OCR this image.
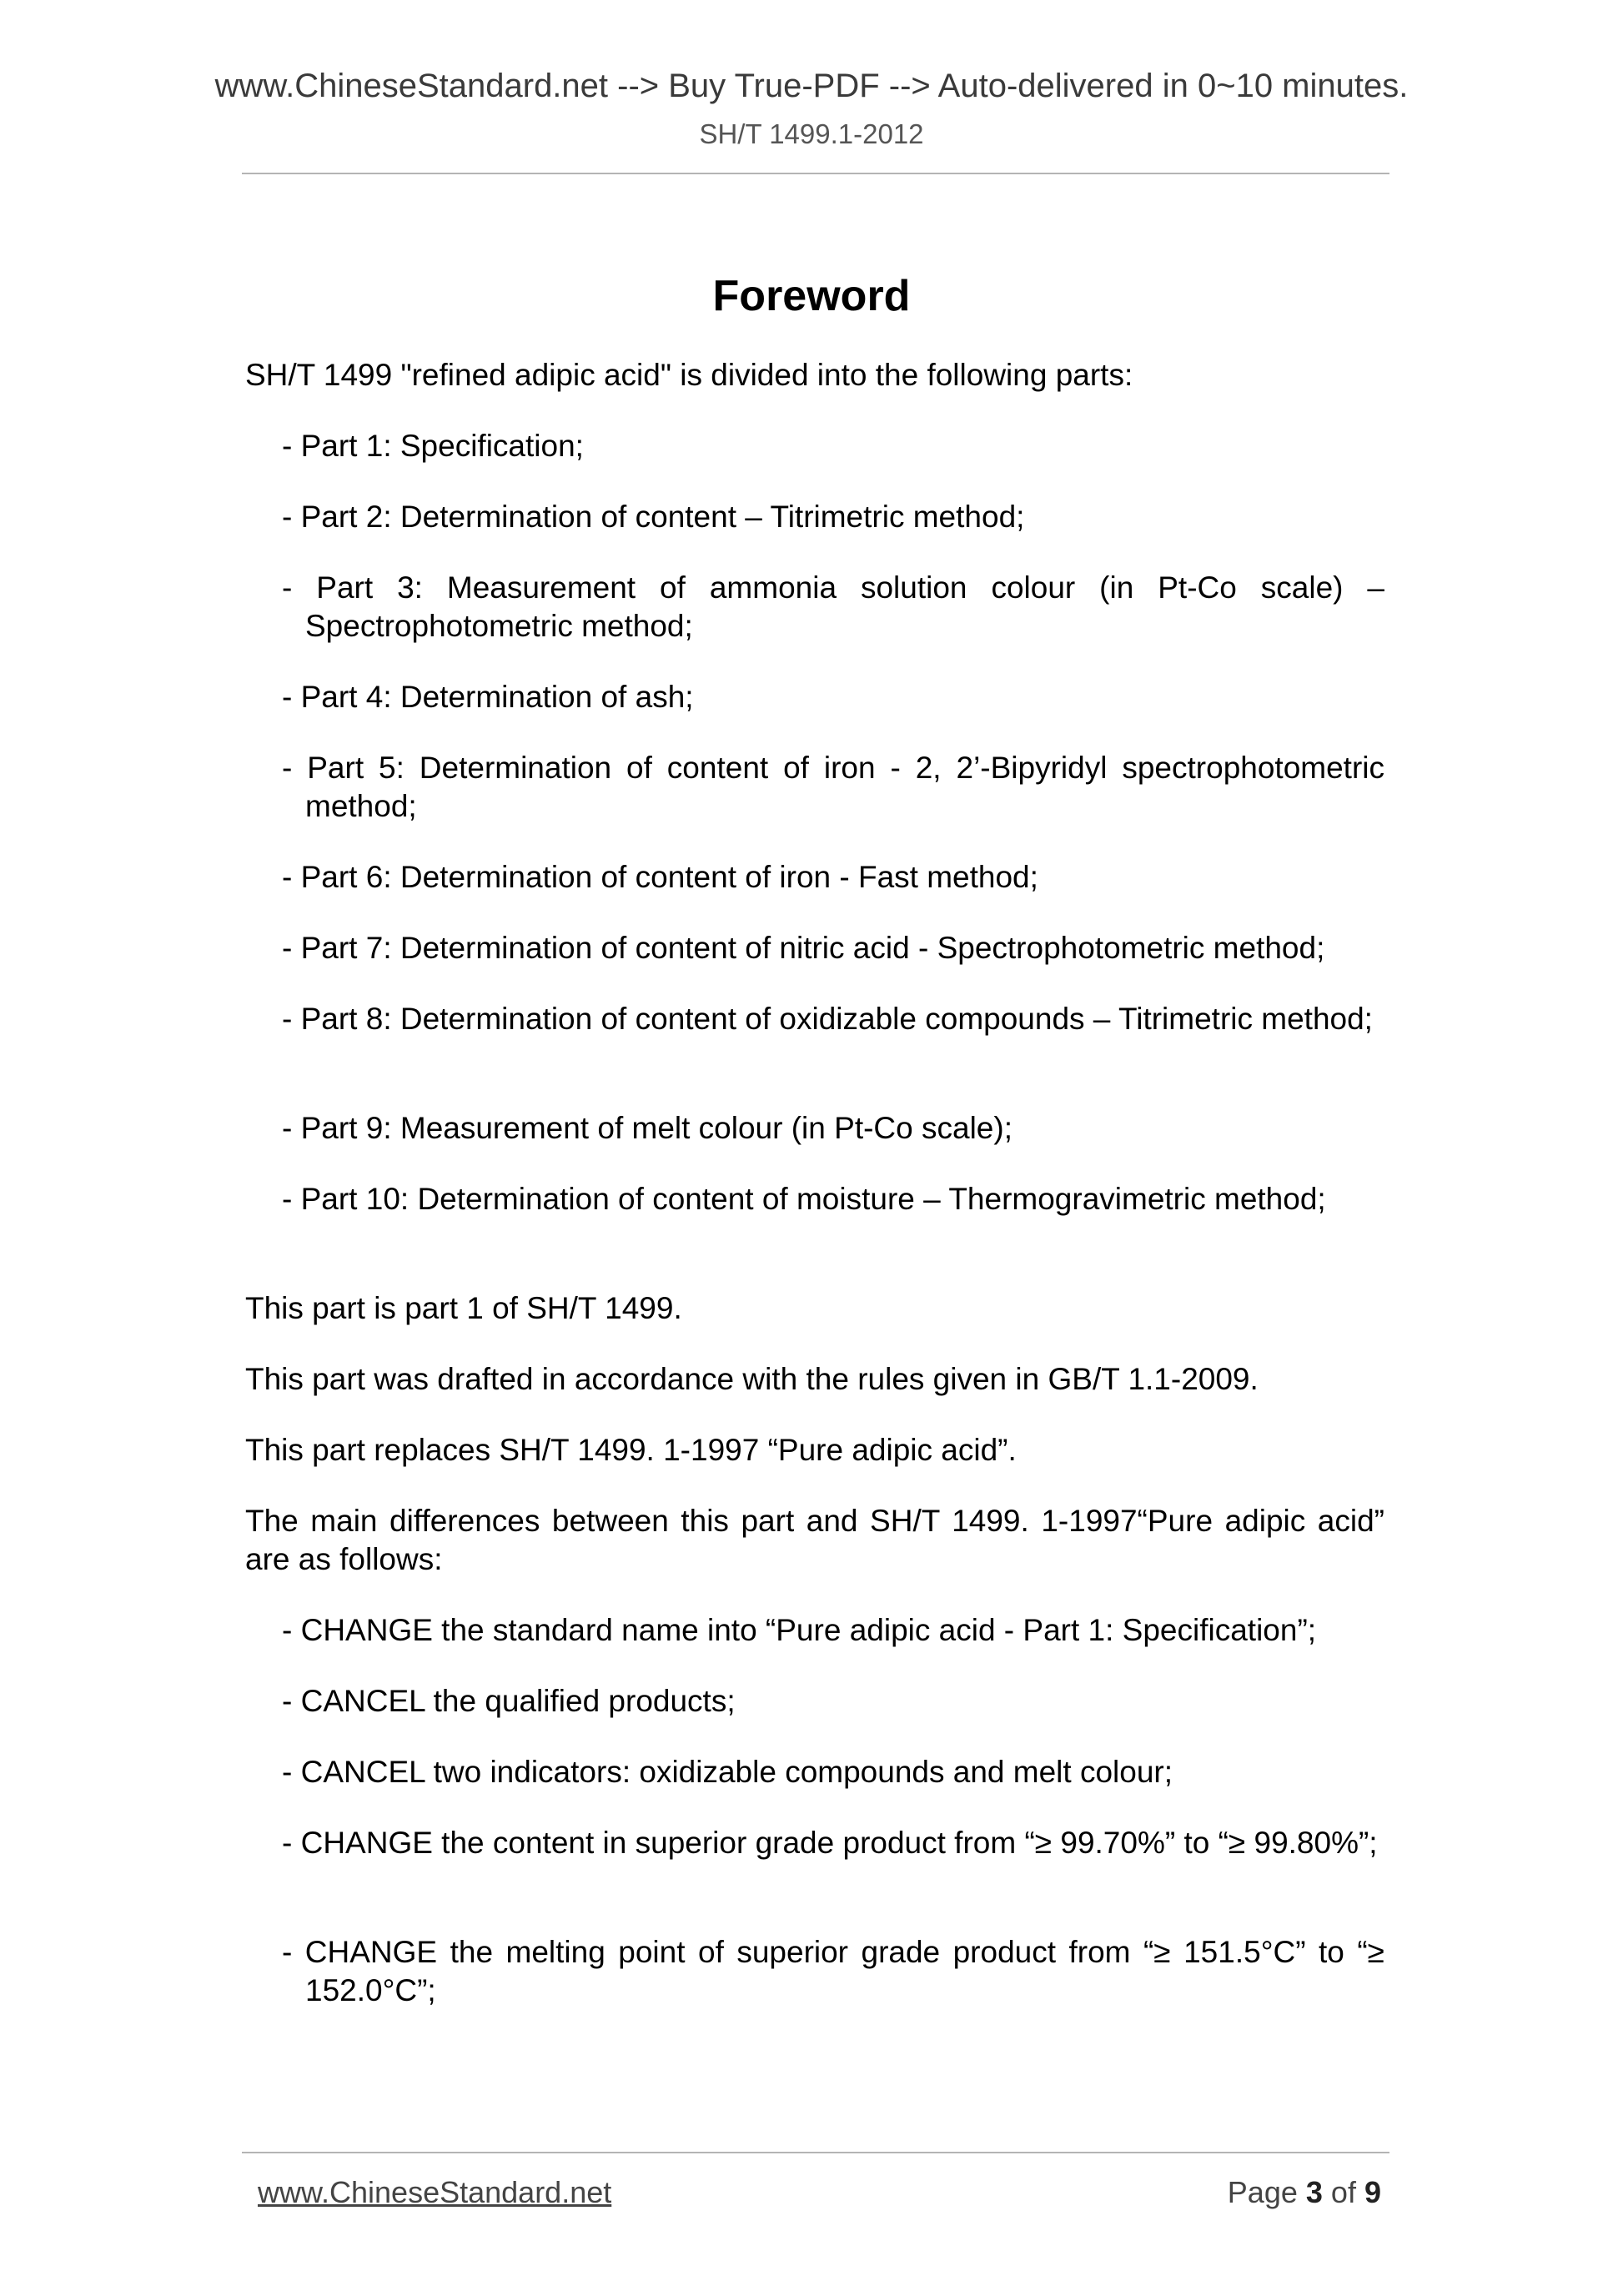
www.ChineseStandard.net --> Buy True-PDF --> Auto-delivered in 0~10 minutes.
SH/T 1499.1-2012
Foreword

SH/T 1499 "refined adipic acid" is divided into the following parts:

- Part 1: Specification;

- Part 2: Determination of content – Titrimetric method;

- Part 3: Measurement of ammonia solution colour (in Pt-Co scale) – Spectrophotometric method;

- Part 4: Determination of ash;

- Part 5: Determination of content of iron - 2, 2’-Bipyridyl spectrophotometric method;

- Part 6: Determination of content of iron - Fast method;

- Part 7: Determination of content of nitric acid - Spectrophotometric method;

- Part 8: Determination of content of oxidizable compounds – Titrimetric method;

- Part 9: Measurement of melt colour (in Pt-Co scale);

- Part 10: Determination of content of moisture – Thermogravimetric method;

This part is part 1 of SH/T 1499.

This part was drafted in accordance with the rules given in GB/T 1.1-2009.

This part replaces SH/T 1499. 1-1997 “Pure adipic acid”.

The main differences between this part and SH/T 1499. 1-1997“Pure adipic acid” are as follows:

- CHANGE the standard name into “Pure adipic acid - Part 1: Specification”;

- CANCEL the qualified products;

- CANCEL two indicators: oxidizable compounds and melt colour;

- CHANGE the content in superior grade product from “≥ 99.70%” to “≥ 99.80%”;

- CHANGE the melting point of superior grade product from “≥ 151.5°C” to “≥ 152.0°C”;

www.ChineseStandard.net	Page 3 of 9
